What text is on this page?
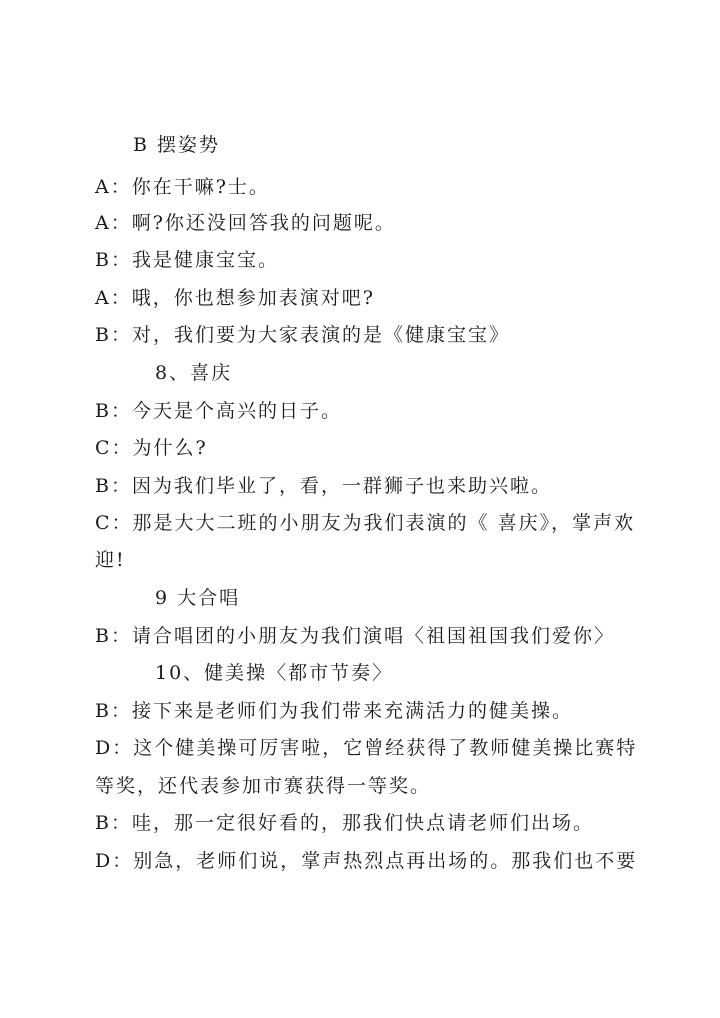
B 摆姿势
A：你在干嘛?士。
A：啊?你还没回答我的问题呢。
B：我是健康宝宝。
A：哦，你也想参加表演对吧?
B：对，我们要为大家表演的是《健康宝宝》
8、喜庆
B：今天是个高兴的日子。
C：为什么?
B：因为我们毕业了，看，一群狮子也来助兴啦。
C：那是大大二班的小朋友为我们表演的《 喜庆》，掌声欢
迎!
9 大合唱
B：请合唱团的小朋友为我们演唱〈祖国祖国我们爱你〉
10、健美操〈都市节奏〉
B：接下来是老师们为我们带来充满活力的健美操。
D：这个健美操可厉害啦，它曾经获得了教师健美操比赛特
等奖，还代表参加市赛获得一等奖。
B：哇，那一定很好看的，那我们快点请老师们出场。
D：别急，老师们说，掌声热烈点再出场的。那我们也不要
